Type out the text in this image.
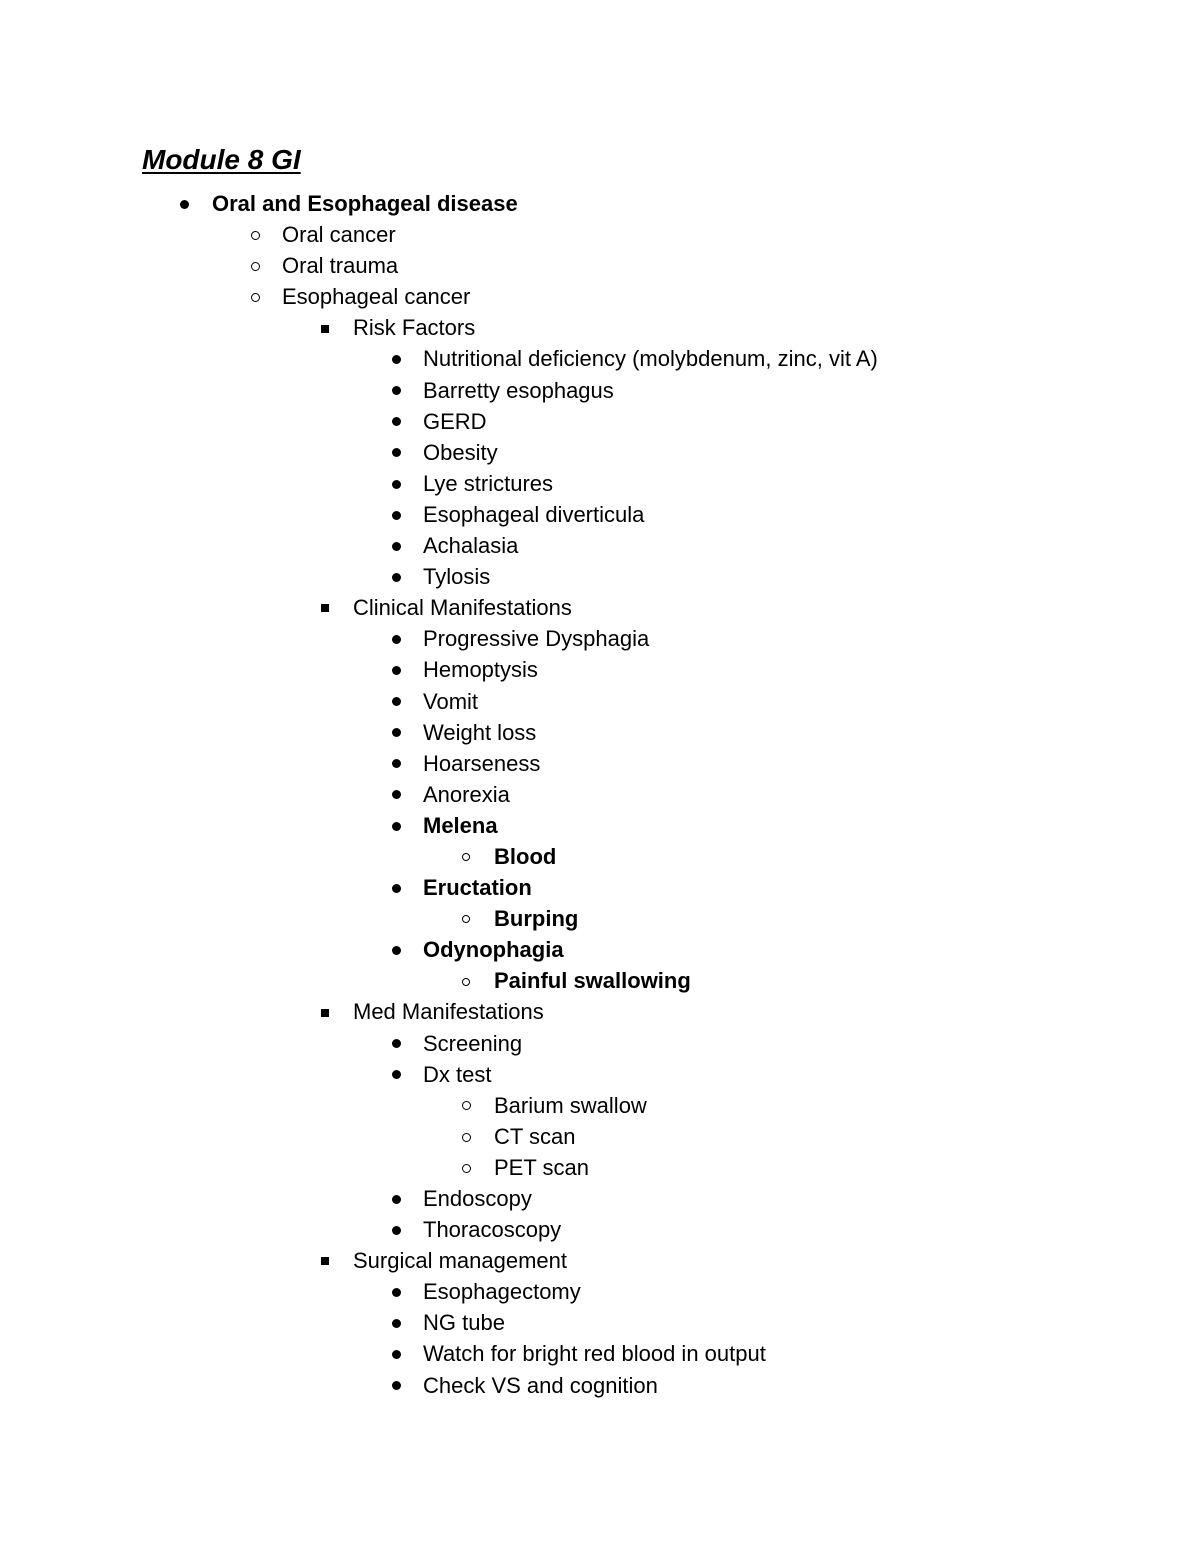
Module 8 GI
Oral and Esophageal disease
Oral cancer
Oral trauma
Esophageal cancer
Risk Factors
Nutritional deficiency (molybdenum, zinc, vit A)
Barretty esophagus
GERD
Obesity
Lye strictures
Esophageal diverticula
Achalasia
Tylosis
Clinical Manifestations
Progressive Dysphagia
Hemoptysis
Vomit
Weight loss
Hoarseness
Anorexia
Melena
Blood
Eructation
Burping
Odynophagia
Painful swallowing
Med Manifestations
Screening
Dx test
Barium swallow
CT scan
PET scan
Endoscopy
Thoracoscopy
Surgical management
Esophagectomy
NG tube
Watch for bright red blood in output
Check VS and cognition
